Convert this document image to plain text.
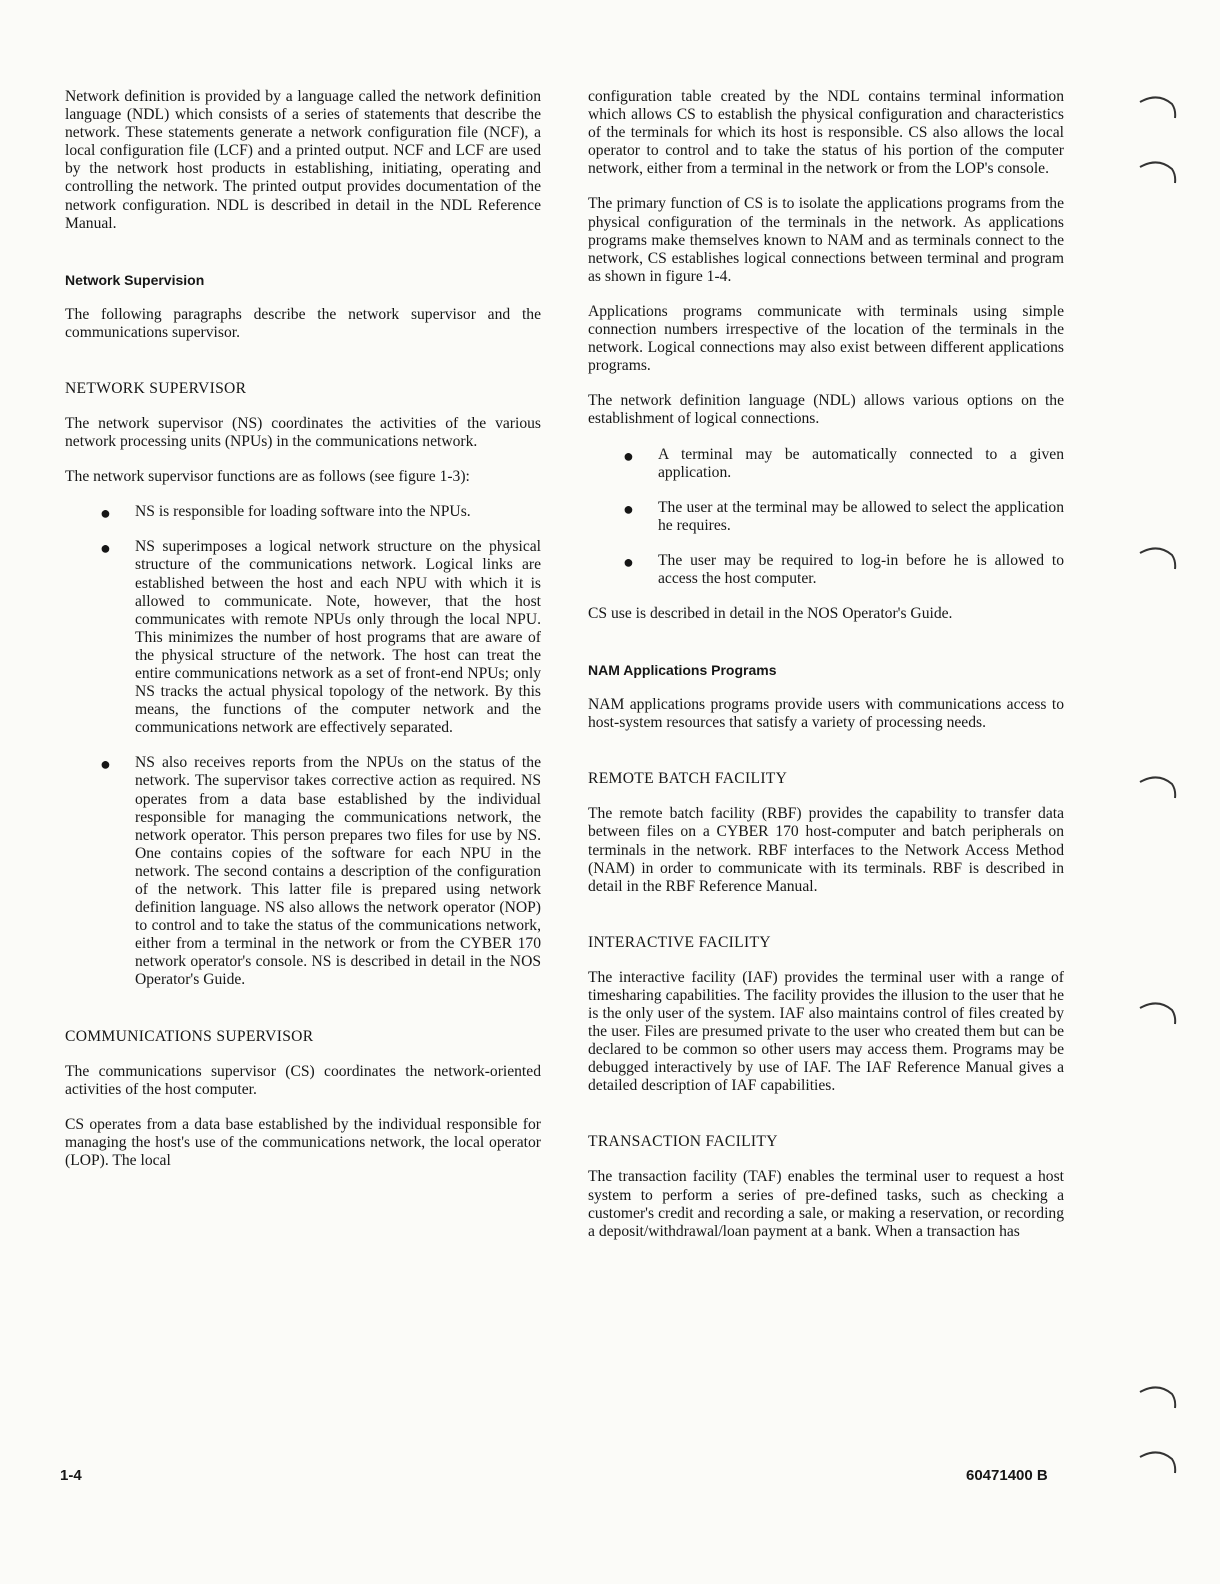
Network definition is provided by a language called the network definition language (NDL) which consists of a series of statements that describe the network. These statements generate a network configuration file (NCF), a local configuration file (LCF) and a printed output. NCF and LCF are used by the network host products in establishing, initiating, operating and controlling the network. The printed output provides documentation of the network configuration. NDL is described in detail in the NDL Reference Manual.

Network Supervision

The following paragraphs describe the network supervisor and the communications supervisor.

NETWORK SUPERVISOR

The network supervisor (NS) coordinates the activities of the various network processing units (NPUs) in the communications network.

The network supervisor functions are as follows (see figure 1-3):

● NS is responsible for loading software into the NPUs.

● NS superimposes a logical network structure on the physical structure of the communications network. Logical links are established between the host and each NPU with which it is allowed to communicate. Note, however, that the host communicates with remote NPUs only through the local NPU. This minimizes the number of host programs that are aware of the physical structure of the network. The host can treat the entire communications network as a set of front-end NPUs; only NS tracks the actual physical topology of the network. By this means, the functions of the computer network and the communications network are effectively separated.

● NS also receives reports from the NPUs on the status of the network. The supervisor takes corrective action as required. NS operates from a data base established by the individual responsible for managing the communications network, the network operator. This person prepares two files for use by NS. One contains copies of the software for each NPU in the network. The second contains a description of the configuration of the network. This latter file is prepared using network definition language. NS also allows the network operator (NOP) to control and to take the status of the communications network, either from a terminal in the network or from the CYBER 170 network operator's console. NS is described in detail in the NOS Operator's Guide.

COMMUNICATIONS SUPERVISOR

The communications supervisor (CS) coordinates the network-oriented activities of the host computer.

CS operates from a data base established by the individual responsible for managing the host's use of the communications network, the local operator (LOP). The local

configuration table created by the NDL contains terminal information which allows CS to establish the physical configuration and characteristics of the terminals for which its host is responsible. CS also allows the local operator to control and to take the status of his portion of the computer network, either from a terminal in the network or from the LOP's console.

The primary function of CS is to isolate the applications programs from the physical configuration of the terminals in the network. As applications programs make themselves known to NAM and as terminals connect to the network, CS establishes logical connections between terminal and program as shown in figure 1-4.

Applications programs communicate with terminals using simple connection numbers irrespective of the location of the terminals in the network. Logical connections may also exist between different applications programs.

The network definition language (NDL) allows various options on the establishment of logical connections.

● A terminal may be automatically connected to a given application.

● The user at the terminal may be allowed to select the application he requires.

● The user may be required to log-in before he is allowed to access the host computer.

CS use is described in detail in the NOS Operator's Guide.

NAM Applications Programs

NAM applications programs provide users with communications access to host-system resources that satisfy a variety of processing needs.

REMOTE BATCH FACILITY

The remote batch facility (RBF) provides the capability to transfer data between files on a CYBER 170 host-computer and batch peripherals on terminals in the network. RBF interfaces to the Network Access Method (NAM) in order to communicate with its terminals. RBF is described in detail in the RBF Reference Manual.

INTERACTIVE FACILITY

The interactive facility (IAF) provides the terminal user with a range of timesharing capabilities. The facility provides the illusion to the user that he is the only user of the system. IAF also maintains control of files created by the user. Files are presumed private to the user who created them but can be declared to be common so other users may access them. Programs may be debugged interactively by use of IAF. The IAF Reference Manual gives a detailed description of IAF capabilities.

TRANSACTION FACILITY

The transaction facility (TAF) enables the terminal user to request a host system to perform a series of pre-defined tasks, such as checking a customer's credit and recording a sale, or making a reservation, or recording a deposit/withdrawal/loan payment at a bank. When a transaction has

1-4	60471400 B
